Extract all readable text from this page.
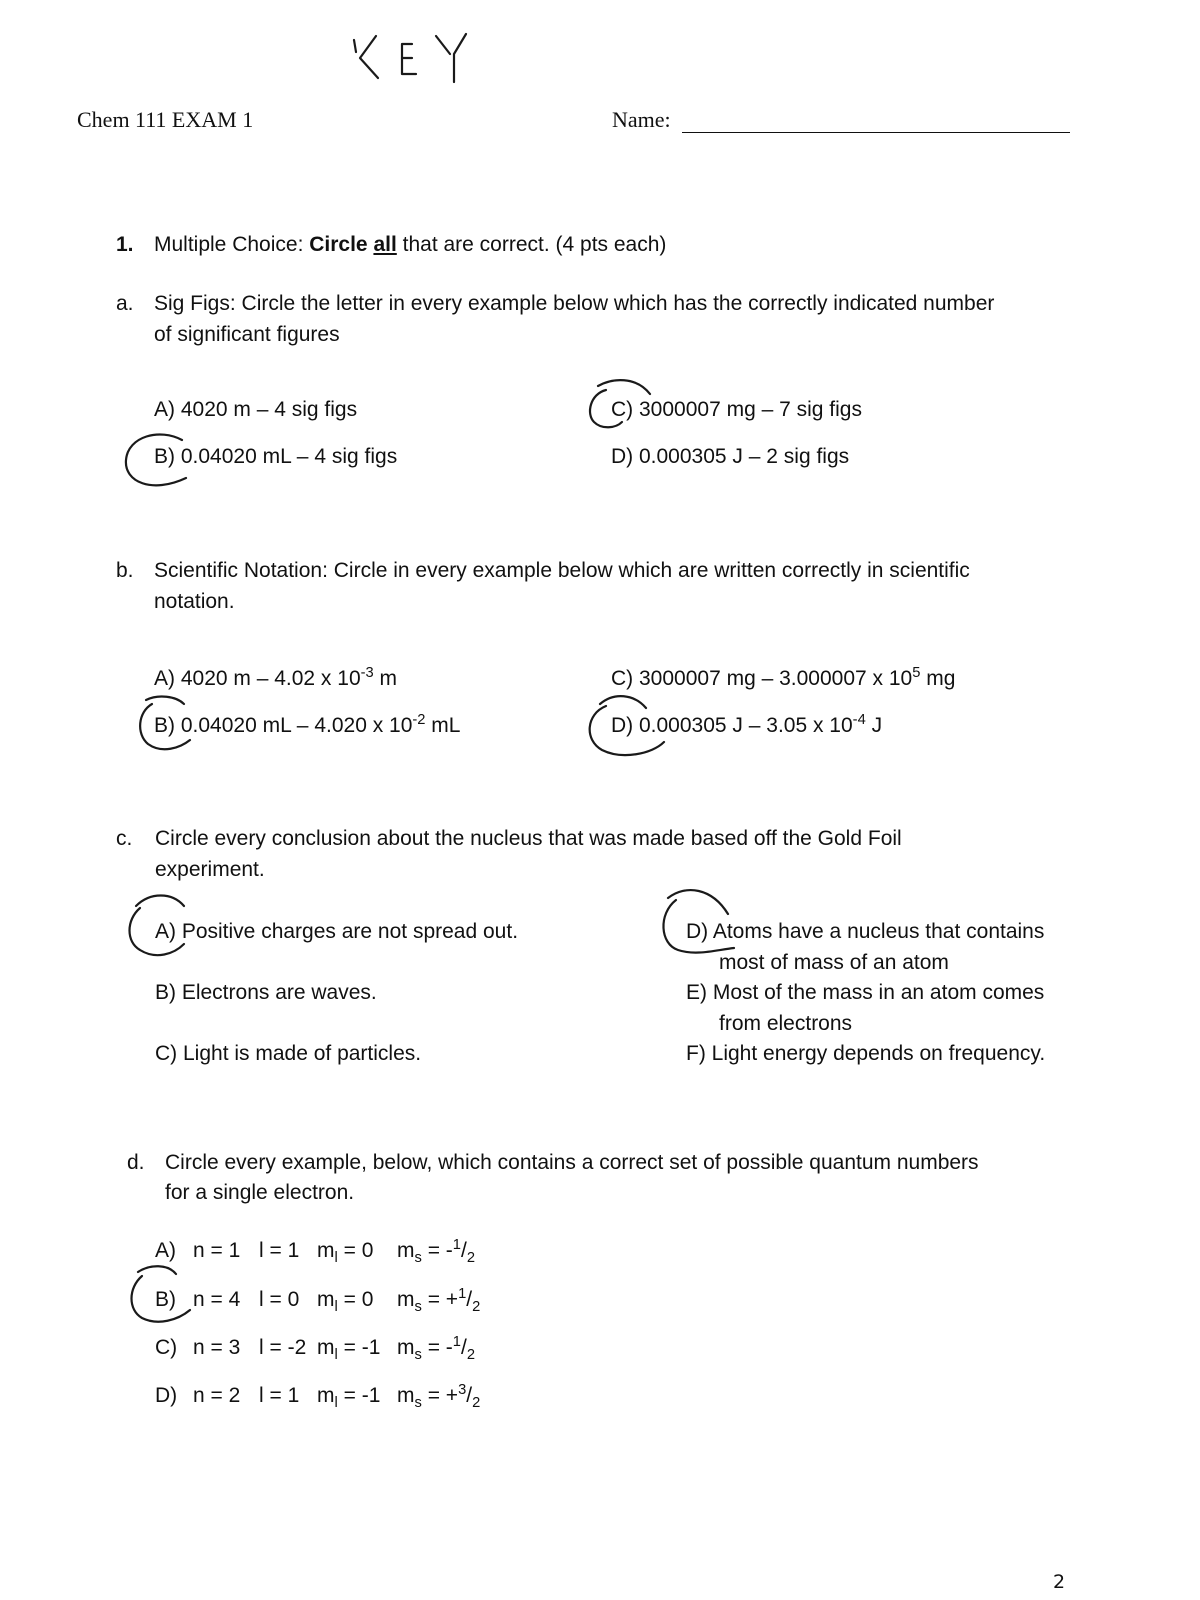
Chem 111 EXAM 1	Name:
1. Multiple Choice: Circle all that are correct. (4 pts each)
a. Sig Figs: Circle the letter in every example below which has the correctly indicated number
of significant figures
A) 4020 m – 4 sig figs
B) 0.04020 mL – 4 sig figs
C) 3000007 mg – 7 sig figs
D) 0.000305 J – 2 sig figs
b. Scientific Notation: Circle in every example below which are written correctly in scientific
notation.
A) 4020 m – 4.02 x $10^{-3}$ m
B) 0.04020 mL – 4.020 x $10^{-2}$ mL
C) 3000007 mg – 3.000007 x $10^5$ mg
D) 0.000305 J – 3.05 x $10^{-4}$ J
c. Circle every conclusion about the nucleus that was made based off the Gold Foil
experiment.
A) Positive charges are not spread out.
B) Electrons are waves.
C) Light is made of particles.
D) Atoms have a nucleus that contains
most of mass of an atom
E) Most of the mass in an atom comes
from electrons
F) Light energy depends on frequency.
d. Circle every example, below, which contains a correct set of possible quantum numbers
for a single electron.
A) n = 1 l = 1 $m_l = 0$ $m_s = -^1/_2$
B) n = 4 l = 0 $m_l = 0$ $m_s = +^1/_2$
C) n = 3 l = -2 $m_l = -1$ $m_s = -^1/_2$
D) n = 2 l = 1 $m_l = -1$ $m_s = +^3/_2$
2
